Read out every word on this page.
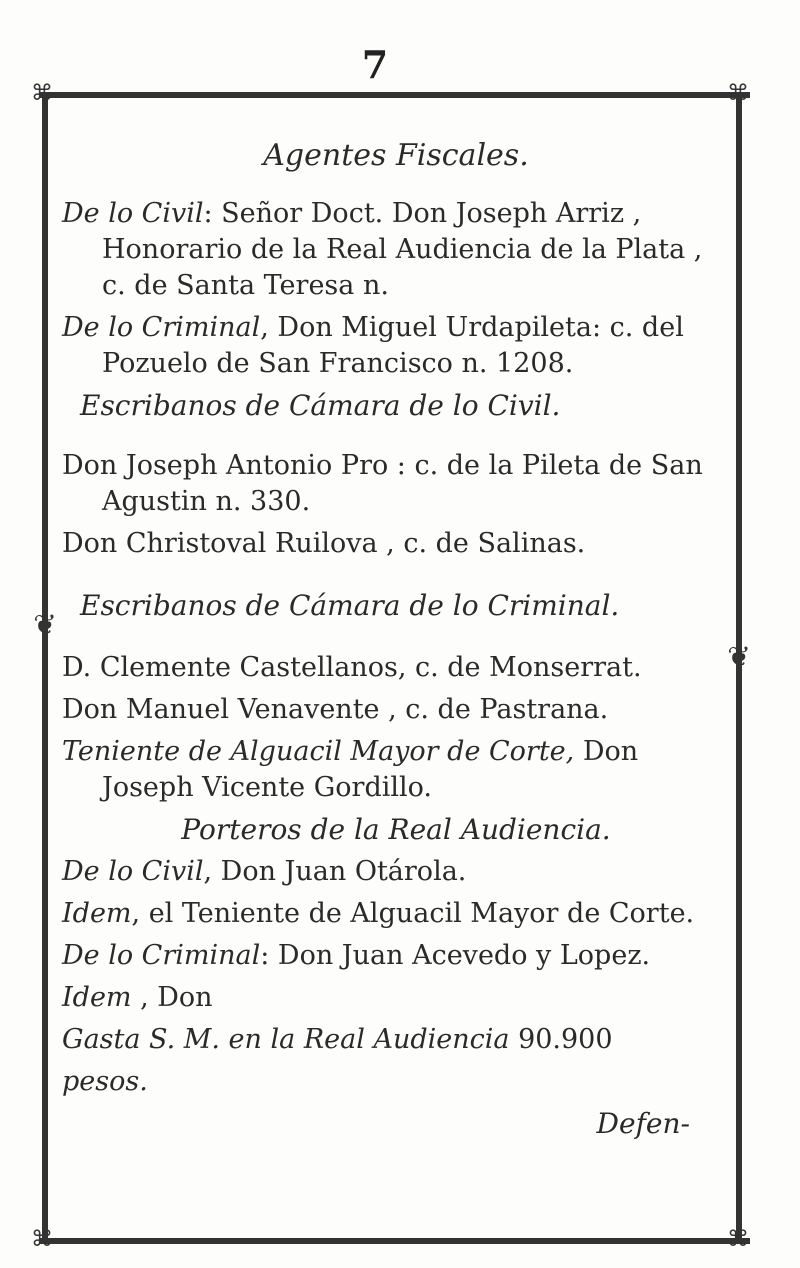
7
⌘	⌘
⌘	⌘
❦
❦
Agentes Fiscales.
De lo Civil: Señor Doct. Don Joseph Arriz , Honorario de la Real Audiencia de la Plata , c. de Santa Teresa n.
De lo Criminal, Don Miguel Urdapileta: c. del Pozuelo de San Francisco n. 1208.
Escribanos de Cámara de lo Civil.
Don Joseph Antonio Pro : c. de la Pileta de San Agustin n. 330.
Don Christoval Ruilova , c. de Salinas.
Escribanos de Cámara de lo Criminal.
D. Clemente Castellanos, c. de Monserrat.
Don Manuel Venavente , c. de Pastrana.
Teniente de Alguacil Mayor de Corte, Don Joseph Vicente Gordillo.
Porteros de la Real Audiencia.
De lo Civil, Don Juan Otárola.
Idem, el Teniente de Alguacil Mayor de Corte.
De lo Criminal: Don Juan Acevedo y Lopez.
Idem , Don
Gasta S. M. en la Real Audiencia 90.900
pesos.
Defen-
